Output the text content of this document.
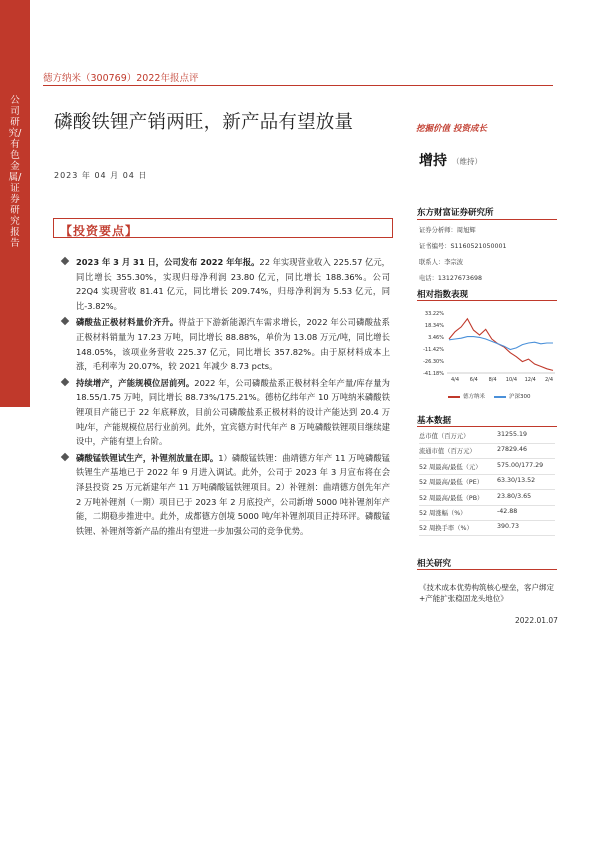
公司研究/有色金属/证券研究报告
德方纳米（300769）2022年报点评
磷酸铁锂产销两旺，新产品有望放量	挖掘价值 投资成长
2023 年 04 月 04 日
增持 （维持）
【投资要点】
2023 年 3 月 31 日，公司发布 2022 年年报。22 年实现营业收入 225.57 亿元，同比增长 355.30%，实现归母净利润 23.80 亿元，同比增长 188.36%。公司 22Q4 实现营收 81.41 亿元，同比增长 209.74%，归母净利润为 5.53 亿元，同比-3.82%。
磷酸盐正极材料量价齐升。得益于下游新能源汽车需求增长，2022 年公司磷酸盐系正极材料销量为 17.23 万吨，同比增长 88.88%，单价为 13.08 万元/吨，同比增长 148.05%，该项业务营收 225.37 亿元，同比增长 357.82%。由于原材料成本上涨，毛利率为 20.07%，较 2021 年减少 8.73 pcts。
持续增产，产能规模位居前列。2022 年，公司磷酸盐系正极材料全年产量/库存量为 18.55/1.75 万吨，同比增长 88.73%/175.21%。德枋亿纬年产 10 万吨纳米磷酸铁锂项目产能已于 22 年底释放，目前公司磷酸盐系正极材料的设计产能达到 20.4 万吨/年，产能规模位居行业前列。此外，宜宾德方时代年产 8 万吨磷酸铁锂项目继续建设中，产能有望上台阶。
磷酸锰铁锂试生产，补锂剂放量在即。1）磷酸锰铁锂：曲靖德方年产 11 万吨磷酸锰铁锂生产基地已于 2022 年 9 月进入调试。此外，公司于 2023 年 3 月宣布将在会泽县投资 25 万元新建年产 11 万吨磷酸锰铁锂项目。2）补锂剂：曲靖德方创先年产 2 万吨补锂剂（一期）项目已于 2023 年 2 月底投产，公司新增 5000 吨补锂剂年产能，二期稳步推进中。此外，成都德方创境 5000 吨/年补锂剂项目正持环评。磷酸锰铁锂、补锂剂等新产品的推出有望进一步加强公司的竞争优势。
东方财富证券研究所
证券分析师：周旭辉
证书编号：S1160521050001
联系人：李宗波
电话：13127673698
相对指数表现
33.22%
18.34%
3.46%
-11.42%
-26.30%
-41.18%
4/4 6/4 8/4 10/4 12/4 2/4
德方纳米	沪深300
基本数据
总市值（百万元）	31255.19
流通市值（百万元）	27829.46
52 周最高/最低（元） 575.00/177.29
52 周最高/最低（PE） 63.30/13.52
52 周最高/最低（PB） 23.80/3.65
52 周涨幅（%）	-42.88
52 周换手率（%）	390.73
相关研究
《技术成本优势构筑核心壁垒，客户绑定+产能扩张稳固龙头地位》
2022.01.07
